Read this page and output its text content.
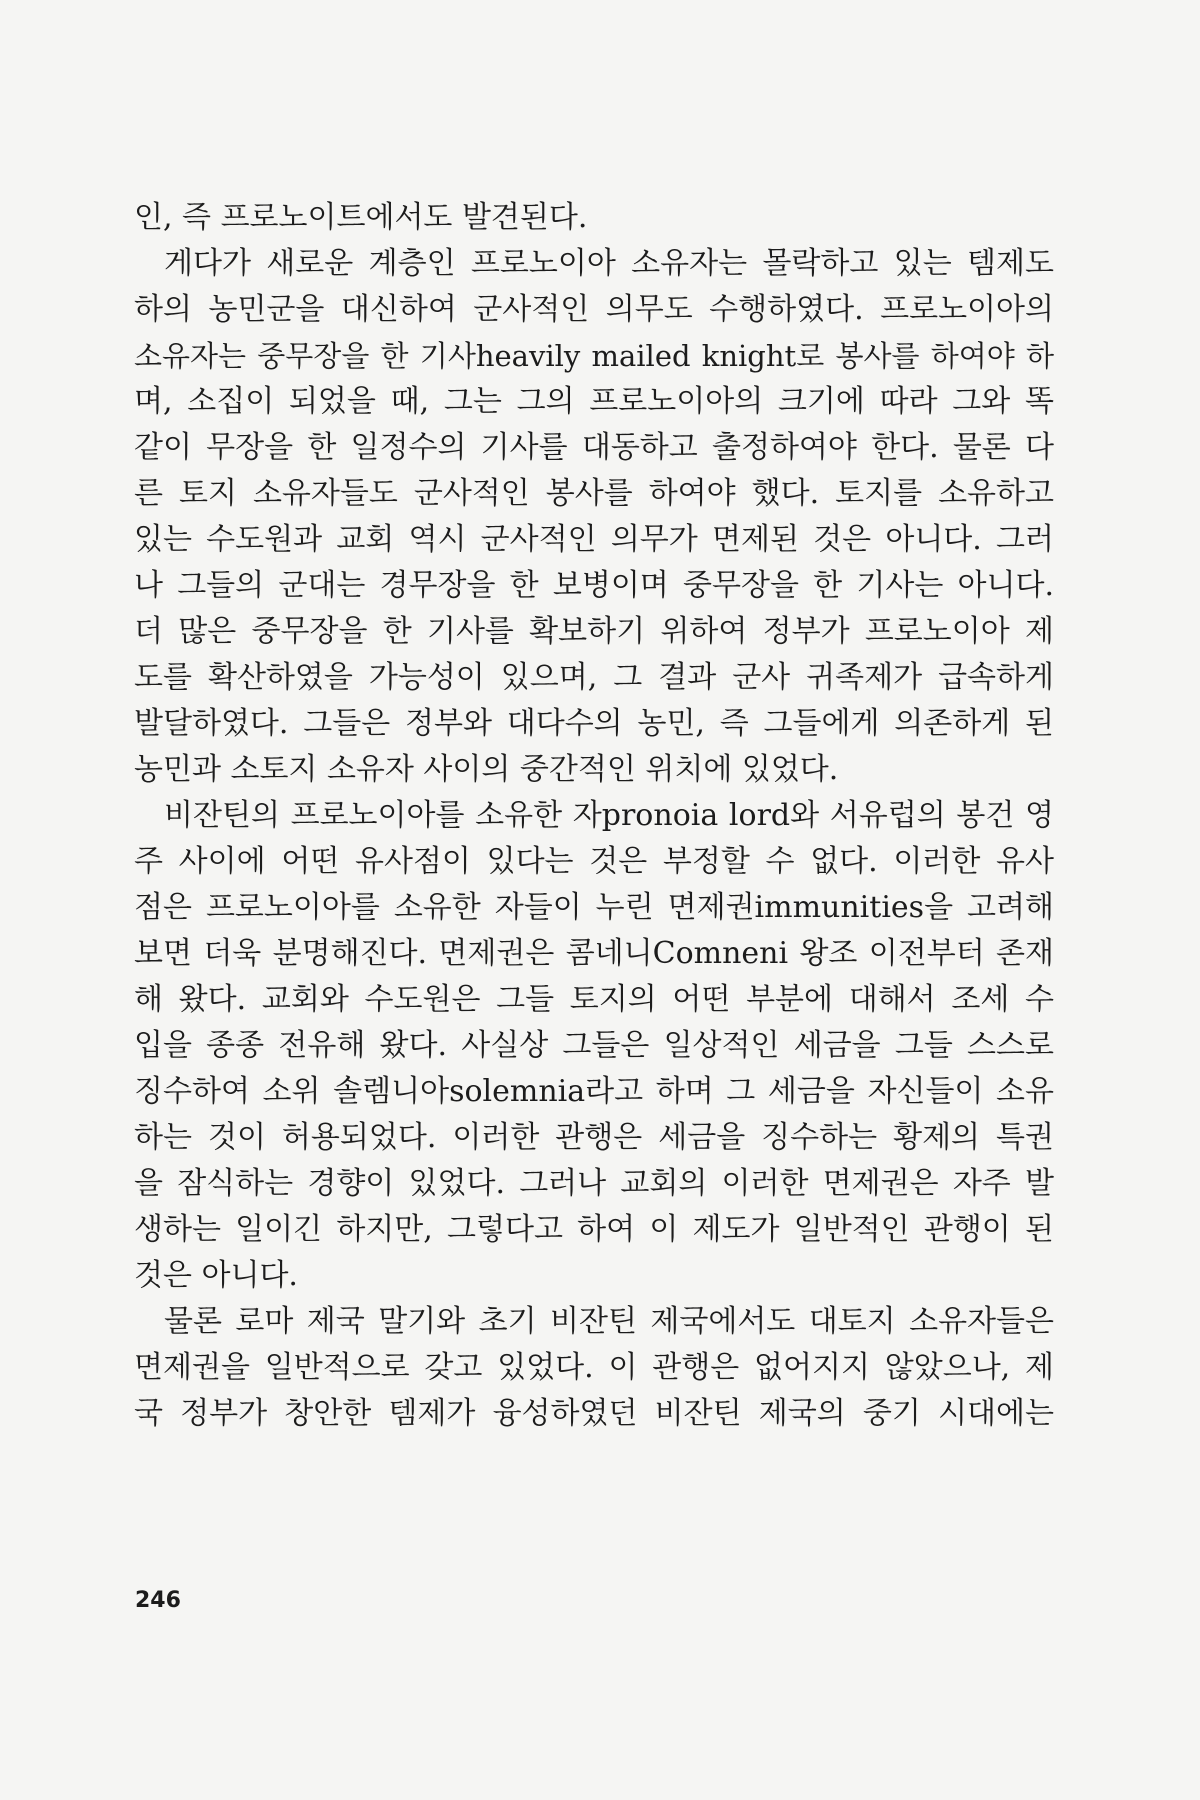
인, 즉 프로노이트에서도 발견된다.
게다가 새로운 계층인 프로노이아 소유자는 몰락하고 있는 템제도
하의 농민군을 대신하여 군사적인 의무도 수행하였다. 프로노이아의
소유자는 중무장을 한 기사heavily mailed knight로 봉사를 하여야 하
며, 소집이 되었을 때, 그는 그의 프로노이아의 크기에 따라 그와 똑
같이 무장을 한 일정수의 기사를 대동하고 출정하여야 한다. 물론 다
른 토지 소유자들도 군사적인 봉사를 하여야 했다. 토지를 소유하고
있는 수도원과 교회 역시 군사적인 의무가 면제된 것은 아니다. 그러
나 그들의 군대는 경무장을 한 보병이며 중무장을 한 기사는 아니다.
더 많은 중무장을 한 기사를 확보하기 위하여 정부가 프로노이아 제
도를 확산하였을 가능성이 있으며, 그 결과 군사 귀족제가 급속하게
발달하였다. 그들은 정부와 대다수의 농민, 즉 그들에게 의존하게 된
농민과 소토지 소유자 사이의 중간적인 위치에 있었다.
비잔틴의 프로노이아를 소유한 자pronoia lord와 서유럽의 봉건 영
주 사이에 어떤 유사점이 있다는 것은 부정할 수 없다. 이러한 유사
점은 프로노이아를 소유한 자들이 누린 면제권immunities을 고려해
보면 더욱 분명해진다. 면제권은 콤네니Comneni 왕조 이전부터 존재
해 왔다. 교회와 수도원은 그들 토지의 어떤 부분에 대해서 조세 수
입을 종종 전유해 왔다. 사실상 그들은 일상적인 세금을 그들 스스로
징수하여 소위 솔렘니아solemnia라고 하며 그 세금을 자신들이 소유
하는 것이 허용되었다. 이러한 관행은 세금을 징수하는 황제의 특권
을 잠식하는 경향이 있었다. 그러나 교회의 이러한 면제권은 자주 발
생하는 일이긴 하지만, 그렇다고 하여 이 제도가 일반적인 관행이 된
것은 아니다.
물론 로마 제국 말기와 초기 비잔틴 제국에서도 대토지 소유자들은
면제권을 일반적으로 갖고 있었다. 이 관행은 없어지지 않았으나, 제
국 정부가 창안한 템제가 융성하였던 비잔틴 제국의 중기 시대에는
246
